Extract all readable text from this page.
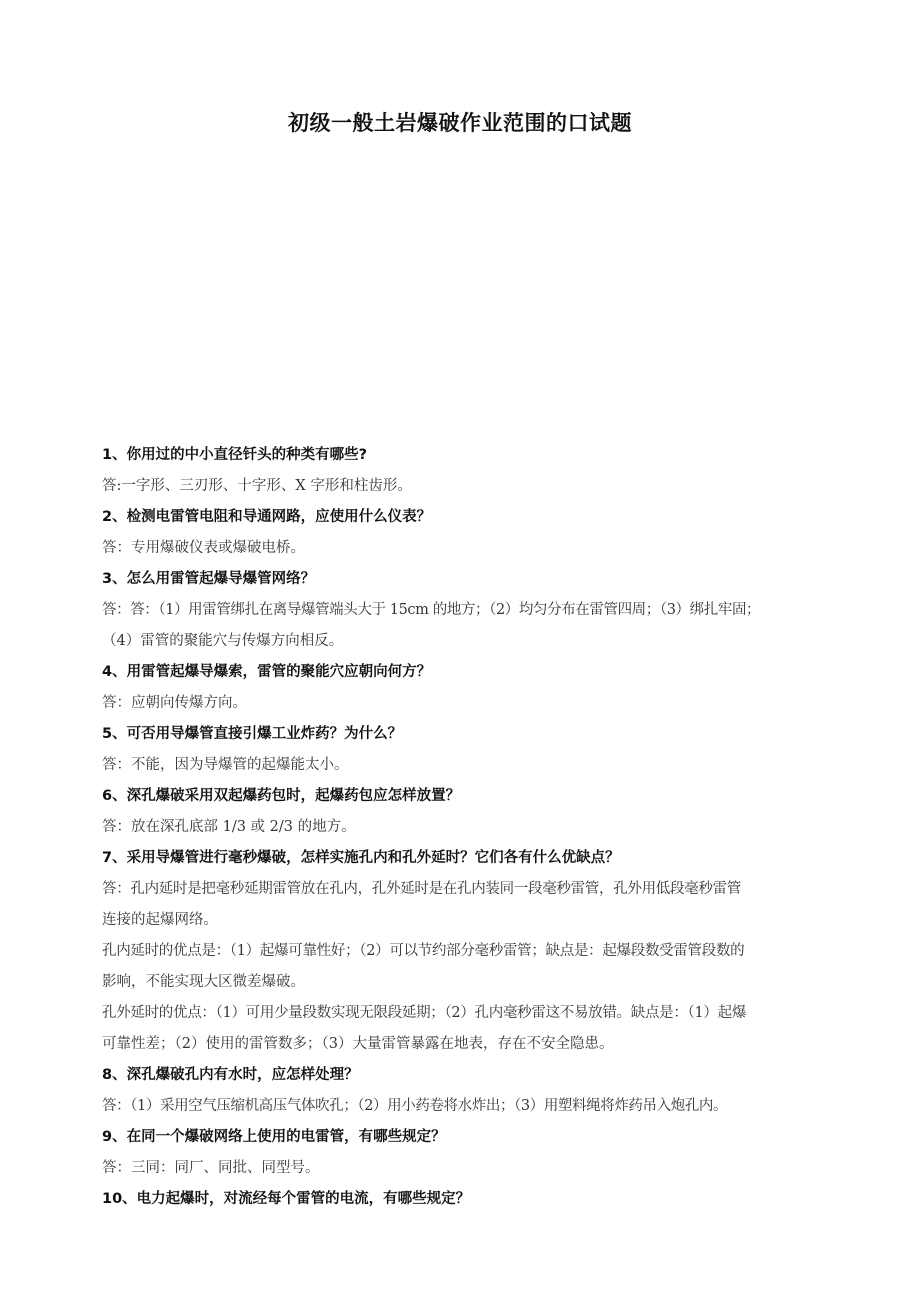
初级一般土岩爆破作业范围的口试题

1、你用过的中小直径钎头的种类有哪些?

答:一字形、三刃形、十字形、X 字形和柱齿形。

2、检测电雷管电阻和导通网路，应使用什么仪表？

答：专用爆破仪表或爆破电桥。

3、怎么用雷管起爆导爆管网络？

答：答：（1）用雷管绑扎在离导爆管端头大于 15cm 的地方；（2）均匀分布在雷管四周；（3）绑扎牢固；
（4）雷管的聚能穴与传爆方向相反。

4、用雷管起爆导爆索，雷管的聚能穴应朝向何方？

答：应朝向传爆方向。

5、可否用导爆管直接引爆工业炸药？为什么？

答：不能，因为导爆管的起爆能太小。

6、深孔爆破采用双起爆药包时，起爆药包应怎样放置？

答：放在深孔底部 1/3 或 2/3 的地方。

7、采用导爆管进行毫秒爆破，怎样实施孔内和孔外延时？它们各有什么优缺点？

答：孔内延时是把毫秒延期雷管放在孔内，孔外延时是在孔内装同一段毫秒雷管，孔外用低段毫秒雷管
连接的起爆网络。
孔内延时的优点是：（1）起爆可靠性好；（2）可以节约部分毫秒雷管；缺点是：起爆段数受雷管段数的
影响，不能实现大区微差爆破。
孔外延时的优点：（1）可用少量段数实现无限段延期；（2）孔内毫秒雷这不易放错。缺点是：（1）起爆
可靠性差；（2）使用的雷管数多；（3）大量雷管暴露在地表，存在不安全隐患。

8、深孔爆破孔内有水时，应怎样处理？

答：（1）采用空气压缩机高压气体吹孔；（2）用小药卷将水炸出；（3）用塑料绳将炸药吊入炮孔内。

9、在同一个爆破网络上使用的电雷管，有哪些规定？

答：三同：同厂、同批、同型号。

10、电力起爆时，对流经每个雷管的电流，有哪些规定？
